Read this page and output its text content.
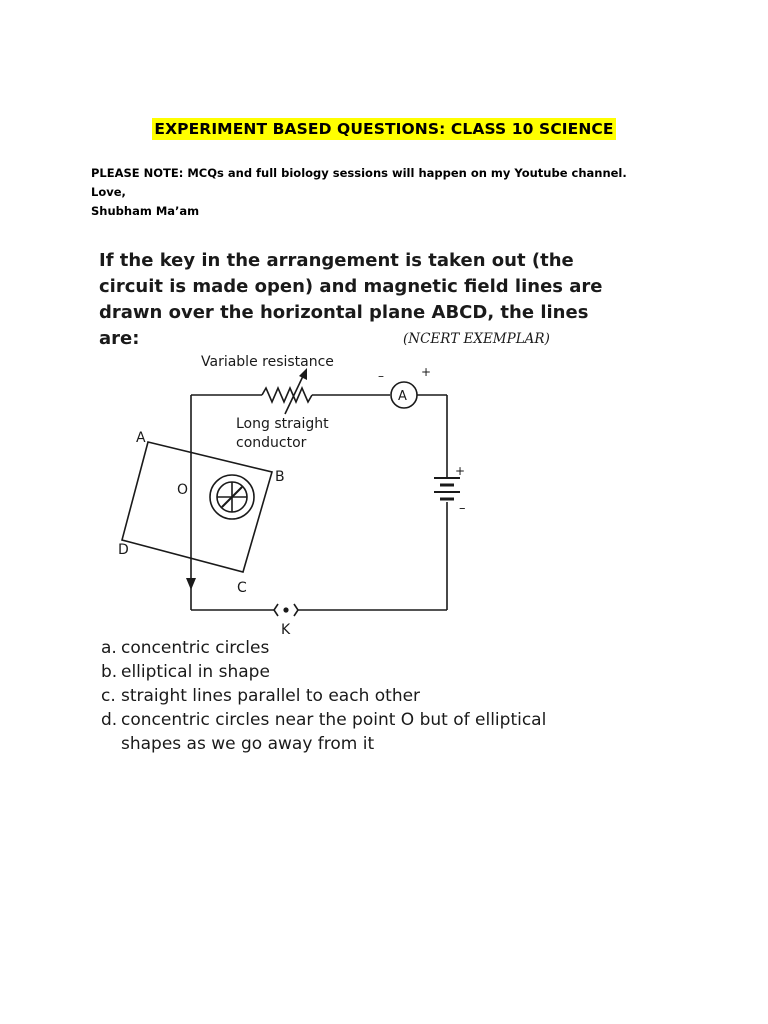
EXPERIMENT BASED QUESTIONS: CLASS 10 SCIENCE
PLEASE NOTE: MCQs and full biology sessions will happen on my Youtube channel.
Love,
Shubham Ma’am
If the key in the arrangement is taken out (the
circuit is made open) and magnetic field lines are
drawn over the horizontal plane ABCD, the lines
are:	(NCERT EXEMPLAR)
Variable resistance
Long straight
conductor
A
–	+
+
–
A
B
C
D
O
K
a. concentric circles
b. elliptical in shape
c. straight lines parallel to each other
d. concentric circles near the point O but of elliptical
shapes as we go away from it
